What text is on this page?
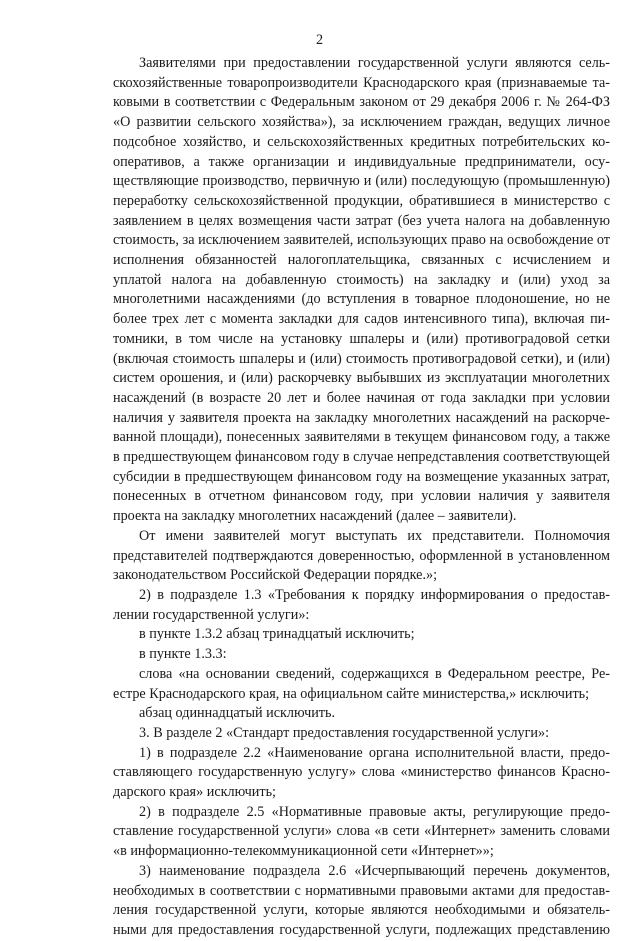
2

Заявителями при предоставлении государственной услуги являются сельскохозяйственные товаропроизводители Краснодарского края (признаваемые таковыми в соответствии с Федеральным законом от 29 декабря 2006 г. № 264-ФЗ «О развитии сельского хозяйства»), за исключением граждан, ведущих личное подсобное хозяйство, и сельскохозяйственных кредитных потребительских кооперативов, а также организации и индивидуальные предприниматели, осуществляющие производство, первичную и (или) последующую (промышленную) переработку сельскохозяйственной продукции, обратившиеся в министерство с заявлением в целях возмещения части затрат (без учета налога на добавленную стоимость, за исключением заявителей, использующих право на освобождение от исполнения обязанностей налогоплательщика, связанных с исчислением и уплатой налога на добавленную стоимость) на закладку и (или) уход за многолетними насаждениями (до вступления в товарное плодоношение, но не более трех лет с момента закладки для садов интенсивного типа), включая питомники, в том числе на установку шпалеры и (или) противоградовой сетки (включая стоимость шпалеры и (или) стоимость противоградовой сетки), и (или) систем орошения, и (или) раскорчевку выбывших из эксплуатации многолетних насаждений (в возрасте 20 лет и более начиная от года закладки при условии наличия у заявителя проекта на закладку многолетних насаждений на раскорчеванной площади), понесенных заявителями в текущем финансовом году, а также в предшествующем финансовом году в случае непредставления соответствующей субсидии в предшествующем финансовом году на возмещение указанных затрат, понесенных в отчетном финансовом году, при условии наличия у заявителя проекта на закладку многолетних насаждений (далее – заявители).

От имени заявителей могут выступать их представители. Полномочия представителей подтверждаются доверенностью, оформленной в установленном законодательством Российской Федерации порядке.»;

2) в подразделе 1.3 «Требования к порядку информирования о предоставлении государственной услуги»:

в пункте 1.3.2 абзац тринадцатый исключить;

в пункте 1.3.3:

слова «на основании сведений, содержащихся в Федеральном реестре, Реестре Краснодарского края, на официальном сайте министерства,» исключить;

абзац одиннадцатый исключить.

3. В разделе 2 «Стандарт предоставления государственной услуги»:

1) в подразделе 2.2 «Наименование органа исполнительной власти, предоставляющего государственную услугу» слова «министерство финансов Краснодарского края» исключить;

2) в подразделе 2.5 «Нормативные правовые акты, регулирующие предоставление государственной услуги» слова «в сети «Интернет» заменить словами «в информационно-телекоммуникационной сети «Интернет»»;

3) наименование подраздела 2.6 «Исчерпывающий перечень документов, необходимых в соответствии с нормативными правовыми актами для предоставления государственной услуги, которые являются необходимыми и обязательными для предоставления государственной услуги, подлежащих представлению
